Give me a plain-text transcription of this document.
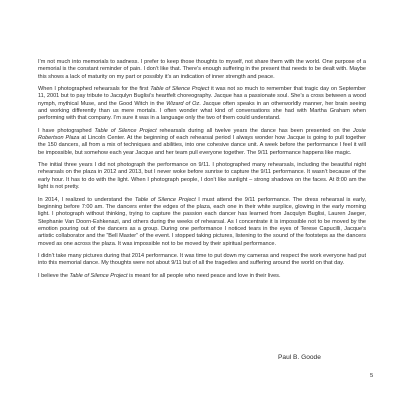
I’m not much into memorials to sadness. I prefer to keep those thoughts to myself, not share them with the world. One purpose of a memorial is the constant reminder of pain. I don’t like that. There’s enough suffering in the present that needs to be dealt with. Maybe this shows a lack of maturity on my part or possibly it’s an indication of inner strength and peace.

When I photographed rehearsals for the first Table of Silence Project it was not so much to remember that tragic day on September 11, 2001 but to pay tribute to Jacqulyn Buglisi’s heartfelt choreography. Jacque has a passionate soul. She’s a cross between a wood nymph, mythical Muse, and the Good Witch in the Wizard of Oz. Jacque often speaks in an otherworldly manner, her brain seeing and working differently than us mere mortals. I often wonder what kind of conversations she had with Martha Graham when performing with that company. I’m sure it was in a language only the two of them could understand.

I have photographed Table of Silence Project rehearsals during all twelve years the dance has been presented on the Josie Robertson Plaza at Lincoln Center. At the beginning of each rehearsal period I always wonder how Jacque is going to pull together the 150 dancers, all from a mix of techniques and abilities, into one cohesive dance unit. A week before the performance I feel it will be impossible, but somehow each year Jacque and her team pull everyone together. The 9/11 performance happens like magic.

The initial three years I did not photograph the performance on 9/11. I photographed many rehearsals, including the beautiful night rehearsals on the plaza in 2012 and 2013, but I never woke before sunrise to capture the 9/11 performance. It wasn’t because of the early hour. It has to do with the light. When I photograph people, I don’t like sunlight – strong shadows on the faces. At 8:00 am the light is not pretty.

In 2014, I realized to understand the Table of Silence Project I must attend the 9/11 performance. The dress rehearsal is early, beginning before 7:00 am. The dancers enter the edges of the plaza, each one in their white surplice, glowing in the early morning light. I photograph without thinking, trying to capture the passion each dancer has learned from Jacqulyn Buglisi, Lauren Jaeger, Stephanie Van Doorn-Eshkenazi, and others during the weeks of rehearsal. As I concentrate it is impossible not to be moved by the emotion pouring out of the dancers as a group. During one performance I noticed tears in the eyes of Terese Capucilli, Jacque’s artistic collaborator and the “Bell Master” of the event. I stopped taking pictures, listening to the sound of the footsteps as the dancers moved as one across the plaza. It was impossible not to be moved by their spiritual performance.

I didn’t take many pictures during that 2014 performance. It was time to put down my cameras and respect the work everyone had put into this memorial dance. My thoughts were not about 9/11 but of all the tragedies and suffering around the world on that day.

I believe the Table of Silence Project is meant for all people who need peace and love in their lives.

Paul B. Goode
5
